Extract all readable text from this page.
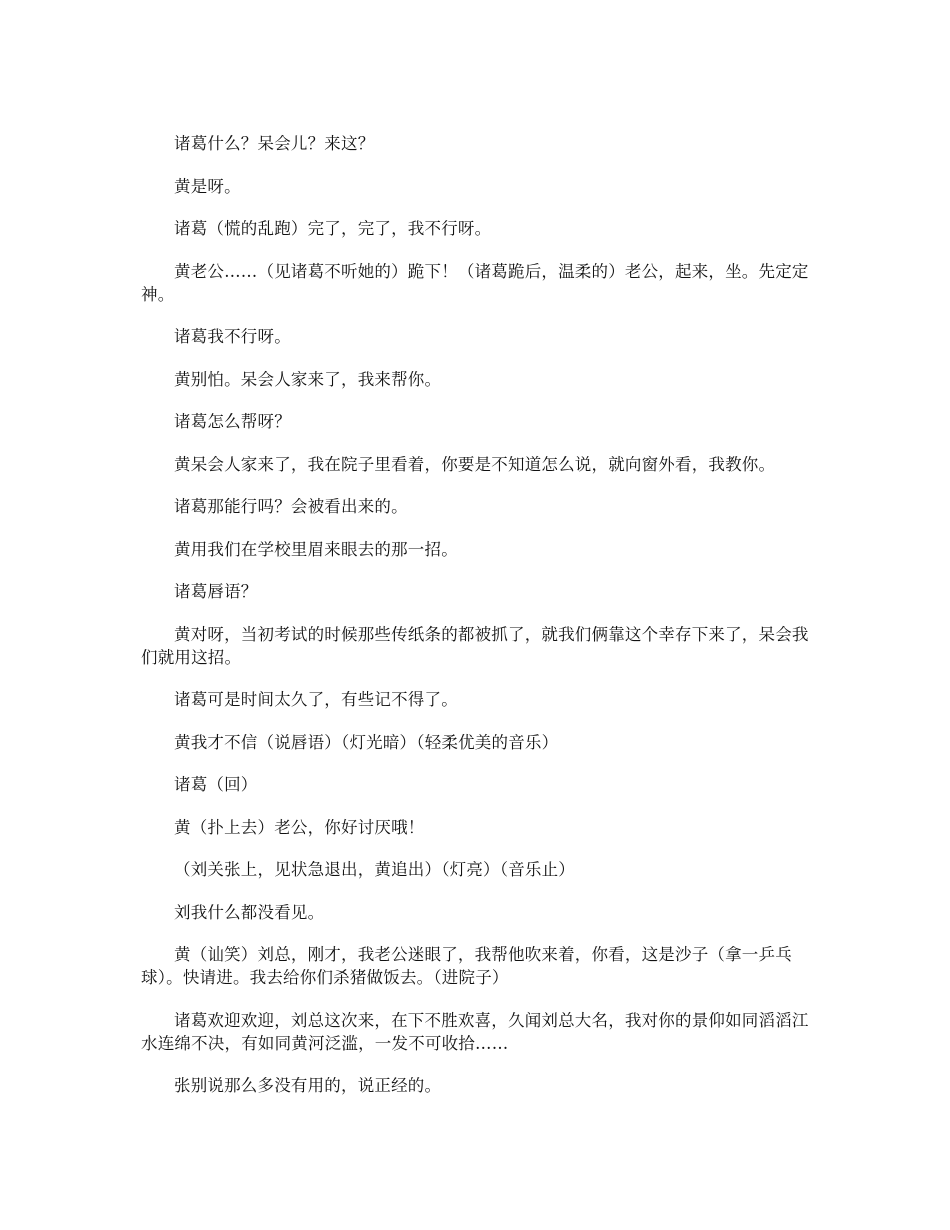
诸葛什么？呆会儿？来这？

黄是呀。

诸葛（慌的乱跑）完了，完了，我不行呀。

黄老公……（见诸葛不听她的）跪下！（诸葛跪后，温柔的）老公，起来，坐。先定定神。

诸葛我不行呀。

黄别怕。呆会人家来了，我来帮你。

诸葛怎么帮呀？

黄呆会人家来了，我在院子里看着，你要是不知道怎么说，就向窗外看，我教你。

诸葛那能行吗？会被看出来的。

黄用我们在学校里眉来眼去的那一招。

诸葛唇语？

黄对呀，当初考试的时候那些传纸条的都被抓了，就我们俩靠这个幸存下来了，呆会我们就用这招。

诸葛可是时间太久了，有些记不得了。

黄我才不信（说唇语）（灯光暗）（轻柔优美的音乐）

诸葛（回）

黄（扑上去）老公，你好讨厌哦！

（刘关张上，见状急退出，黄追出）（灯亮）（音乐止）

刘我什么都没看见。

黄（讪笑）刘总，刚才，我老公迷眼了，我帮他吹来着，你看，这是沙子（拿一乒乓球）。快请进。我去给你们杀猪做饭去。（进院子）

诸葛欢迎欢迎，刘总这次来，在下不胜欢喜，久闻刘总大名，我对你的景仰如同滔滔江水连绵不决，有如同黄河泛滥，一发不可收拾……

张别说那么多没有用的，说正经的。
